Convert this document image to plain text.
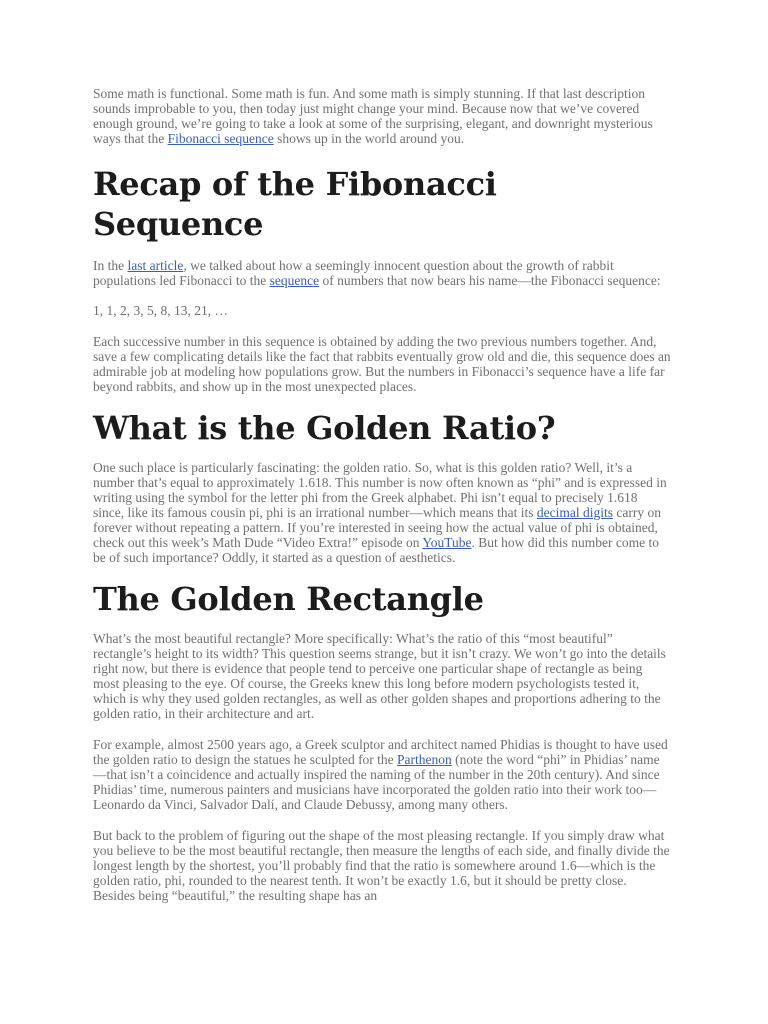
Some math is functional. Some math is fun. And some math is simply stunning. If that last description sounds improbable to you, then today just might change your mind. Because now that we’ve covered enough ground, we’re going to take a look at some of the surprising, elegant, and downright mysterious ways that the Fibonacci sequence shows up in the world around you.

Recap of the Fibonacci Sequence

In the last article, we talked about how a seemingly innocent question about the growth of rabbit populations led Fibonacci to the sequence of numbers that now bears his name—the Fibonacci sequence:

1, 1, 2, 3, 5, 8, 13, 21, …

Each successive number in this sequence is obtained by adding the two previous numbers together. And, save a few complicating details like the fact that rabbits eventually grow old and die, this sequence does an admirable job at modeling how populations grow. But the numbers in Fibonacci’s sequence have a life far beyond rabbits, and show up in the most unexpected places.

What is the Golden Ratio?

One such place is particularly fascinating: the golden ratio. So, what is this golden ratio? Well, it’s a number that’s equal to approximately 1.618. This number is now often known as “phi” and is expressed in writing using the symbol for the letter phi from the Greek alphabet. Phi isn’t equal to precisely 1.618 since, like its famous cousin pi, phi is an irrational number—which means that its decimal digits carry on forever without repeating a pattern. If you’re interested in seeing how the actual value of phi is obtained, check out this week’s Math Dude “Video Extra!” episode on YouTube. But how did this number come to be of such importance? Oddly, it started as a question of aesthetics.

The Golden Rectangle

What’s the most beautiful rectangle? More specifically: What’s the ratio of this “most beautiful” rectangle’s height to its width? This question seems strange, but it isn’t crazy. We won’t go into the details right now, but there is evidence that people tend to perceive one particular shape of rectangle as being most pleasing to the eye. Of course, the Greeks knew this long before modern psychologists tested it, which is why they used golden rectangles, as well as other golden shapes and proportions adhering to the golden ratio, in their architecture and art.

For example, almost 2500 years ago, a Greek sculptor and architect named Phidias is thought to have used the golden ratio to design the statues he sculpted for the Parthenon (note the word “phi” in Phidias’ name—that isn’t a coincidence and actually inspired the naming of the number in the 20th century). And since Phidias’ time, numerous painters and musicians have incorporated the golden ratio into their work too—Leonardo da Vinci, Salvador Dalí, and Claude Debussy, among many others.

But back to the problem of figuring out the shape of the most pleasing rectangle. If you simply draw what you believe to be the most beautiful rectangle, then measure the lengths of each side, and finally divide the longest length by the shortest, you’ll probably find that the ratio is somewhere around 1.6—which is the golden ratio, phi, rounded to the nearest tenth. It won’t be exactly 1.6, but it should be pretty close. Besides being “beautiful,” the resulting shape has an
